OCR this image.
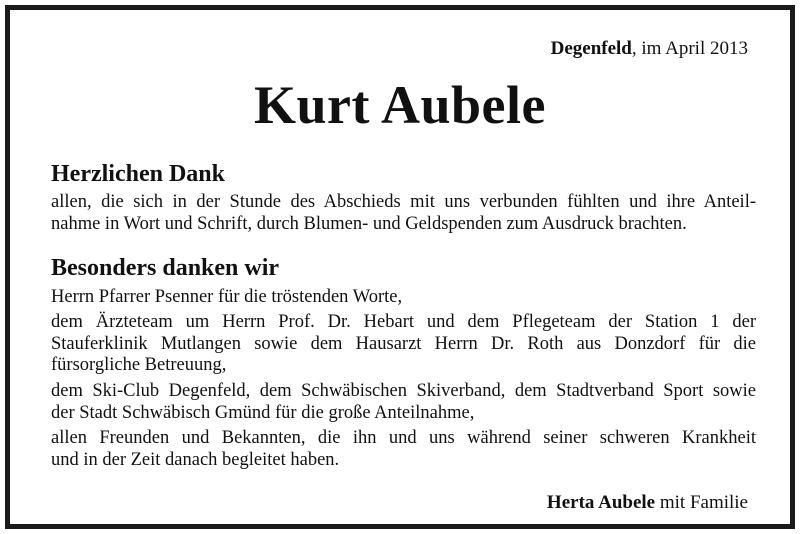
Degenfeld, im April 2013
Kurt Aubele
Herzlichen Dank
allen, die sich in der Stunde des Abschieds mit uns verbunden fühlten und ihre Anteil-
nahme in Wort und Schrift, durch Blumen- und Geldspenden zum Ausdruck brachten.
Besonders danken wir
Herrn Pfarrer Psenner für die tröstenden Worte,
dem Ärzteteam um Herrn Prof. Dr. Hebart und dem Pflegeteam der Station 1 der
Stauferklinik Mutlangen sowie dem Hausarzt Herrn Dr. Roth aus Donzdorf für die
fürsorgliche Betreuung,
dem Ski-Club Degenfeld, dem Schwäbischen Skiverband, dem Stadtverband Sport sowie
der Stadt Schwäbisch Gmünd für die große Anteilnahme,
allen Freunden und Bekannten, die ihn und uns während seiner schweren Krankheit
und in der Zeit danach begleitet haben.
Herta Aubele mit Familie
